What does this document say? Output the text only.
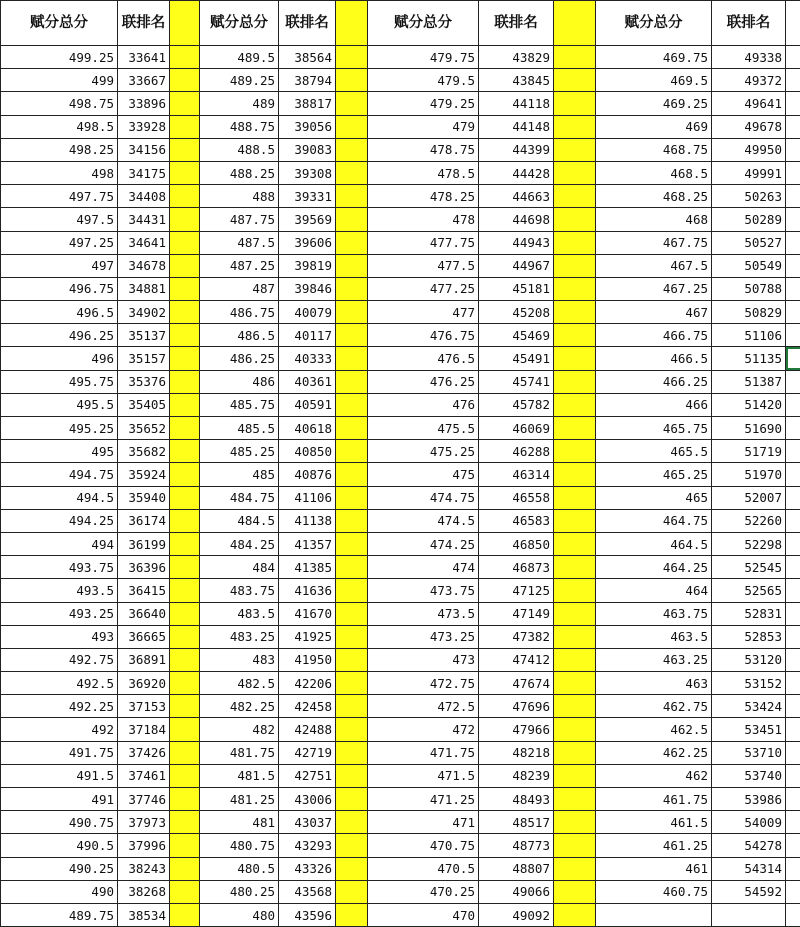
赋分总分	联排名		赋分总分	联排名		赋分总分	联排名		赋分总分	联排名	
499.25	33641		489.5	38564		479.75	43829		469.75	49338	
499	33667		489.25	38794		479.5	43845		469.5	49372	
498.75	33896		489	38817		479.25	44118		469.25	49641	
498.5	33928		488.75	39056		479	44148		469	49678	
498.25	34156		488.5	39083		478.75	44399		468.75	49950	
498	34175		488.25	39308		478.5	44428		468.5	49991	
497.75	34408		488	39331		478.25	44663		468.25	50263	
497.5	34431		487.75	39569		478	44698		468	50289	
497.25	34641		487.5	39606		477.75	44943		467.75	50527	
497	34678		487.25	39819		477.5	44967		467.5	50549	
496.75	34881		487	39846		477.25	45181		467.25	50788	
496.5	34902		486.75	40079		477	45208		467	50829	
496.25	35137		486.5	40117		476.75	45469		466.75	51106	
496	35157		486.25	40333		476.5	45491		466.5	51135	
495.75	35376		486	40361		476.25	45741		466.25	51387	
495.5	35405		485.75	40591		476	45782		466	51420	
495.25	35652		485.5	40618		475.5	46069		465.75	51690	
495	35682		485.25	40850		475.25	46288		465.5	51719	
494.75	35924		485	40876		475	46314		465.25	51970	
494.5	35940		484.75	41106		474.75	46558		465	52007	
494.25	36174		484.5	41138		474.5	46583		464.75	52260	
494	36199		484.25	41357		474.25	46850		464.5	52298	
493.75	36396		484	41385		474	46873		464.25	52545	
493.5	36415		483.75	41636		473.75	47125		464	52565	
493.25	36640		483.5	41670		473.5	47149		463.75	52831	
493	36665		483.25	41925		473.25	47382		463.5	52853	
492.75	36891		483	41950		473	47412		463.25	53120	
492.5	36920		482.5	42206		472.75	47674		463	53152	
492.25	37153		482.25	42458		472.5	47696		462.75	53424	
492	37184		482	42488		472	47966		462.5	53451	
491.75	37426		481.75	42719		471.75	48218		462.25	53710	
491.5	37461		481.5	42751		471.5	48239		462	53740	
491	37746		481.25	43006		471.25	48493		461.75	53986	
490.75	37973		481	43037		471	48517		461.5	54009	
490.5	37996		480.75	43293		470.75	48773		461.25	54278	
490.25	38243		480.5	43326		470.5	48807		461	54314	
490	38268		480.25	43568		470.25	49066		460.75	54592	
489.75	38534		480	43596		470	49092				
